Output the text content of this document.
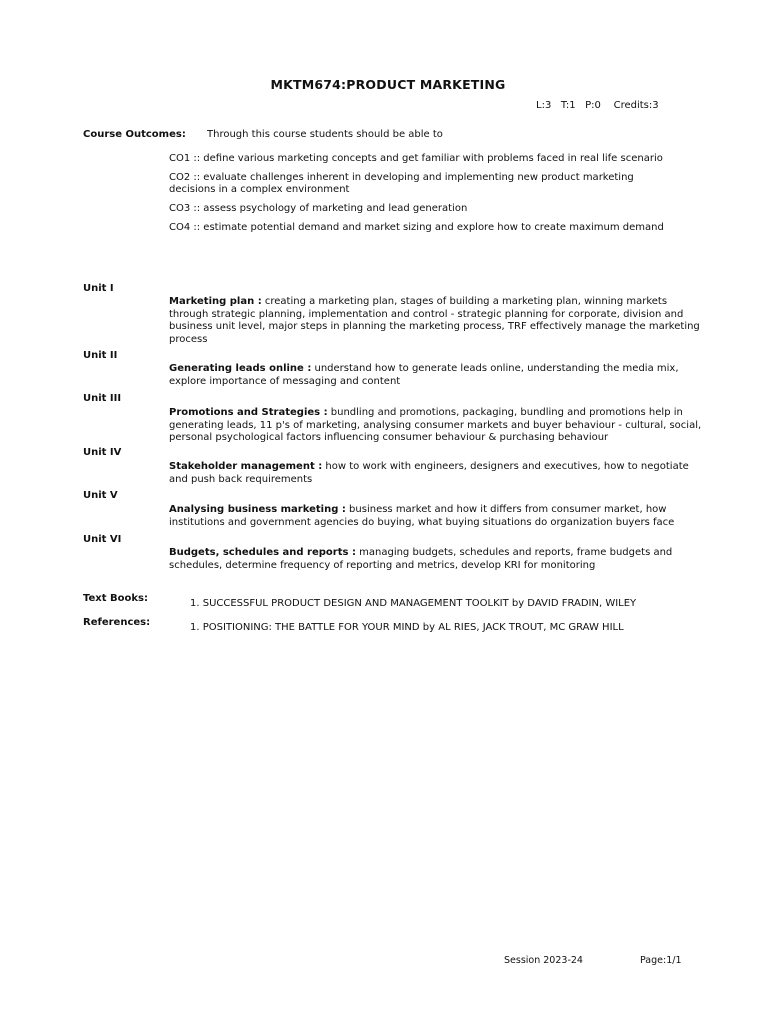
MKTM674:PRODUCT MARKETING
L:3   T:1   P:0    Credits:3
Course Outcomes: Through this course students should be able to
CO1 :: define various marketing concepts and get familiar with problems faced in real life scenario
CO2 :: evaluate challenges inherent in developing and implementing new product marketing decisions in a complex environment
CO3 :: assess psychology of marketing and lead generation
CO4 :: estimate potential demand and market sizing and explore how to create maximum demand
Unit I
Marketing plan : creating a marketing plan, stages of building a marketing plan, winning markets through strategic planning, implementation and control - strategic planning for corporate, division and business unit level, major steps in planning the marketing process, TRF effectively manage the marketing process
Unit II
Generating leads online : understand how to generate leads online, understanding the media mix, explore importance of messaging and content
Unit III
Promotions and Strategies : bundling and promotions, packaging, bundling and promotions help in generating leads, 11 p's of marketing, analysing consumer markets and buyer behaviour - cultural, social, personal psychological factors influencing consumer behaviour & purchasing behaviour
Unit IV
Stakeholder management : how to work with engineers, designers and executives, how to negotiate and push back requirements
Unit V
Analysing business marketing : business market and how it differs from consumer market, how institutions and government agencies do buying, what buying situations do organization buyers face
Unit VI
Budgets, schedules and reports : managing budgets, schedules and reports, frame budgets and schedules, determine frequency of reporting and metrics, develop KRI for monitoring
Text Books:	1. SUCCESSFUL PRODUCT DESIGN AND MANAGEMENT TOOLKIT by DAVID FRADIN, WILEY
References:	1. POSITIONING: THE BATTLE FOR YOUR MIND by AL RIES, JACK TROUT, MC GRAW HILL
Session 2023-24	Page:1/1
